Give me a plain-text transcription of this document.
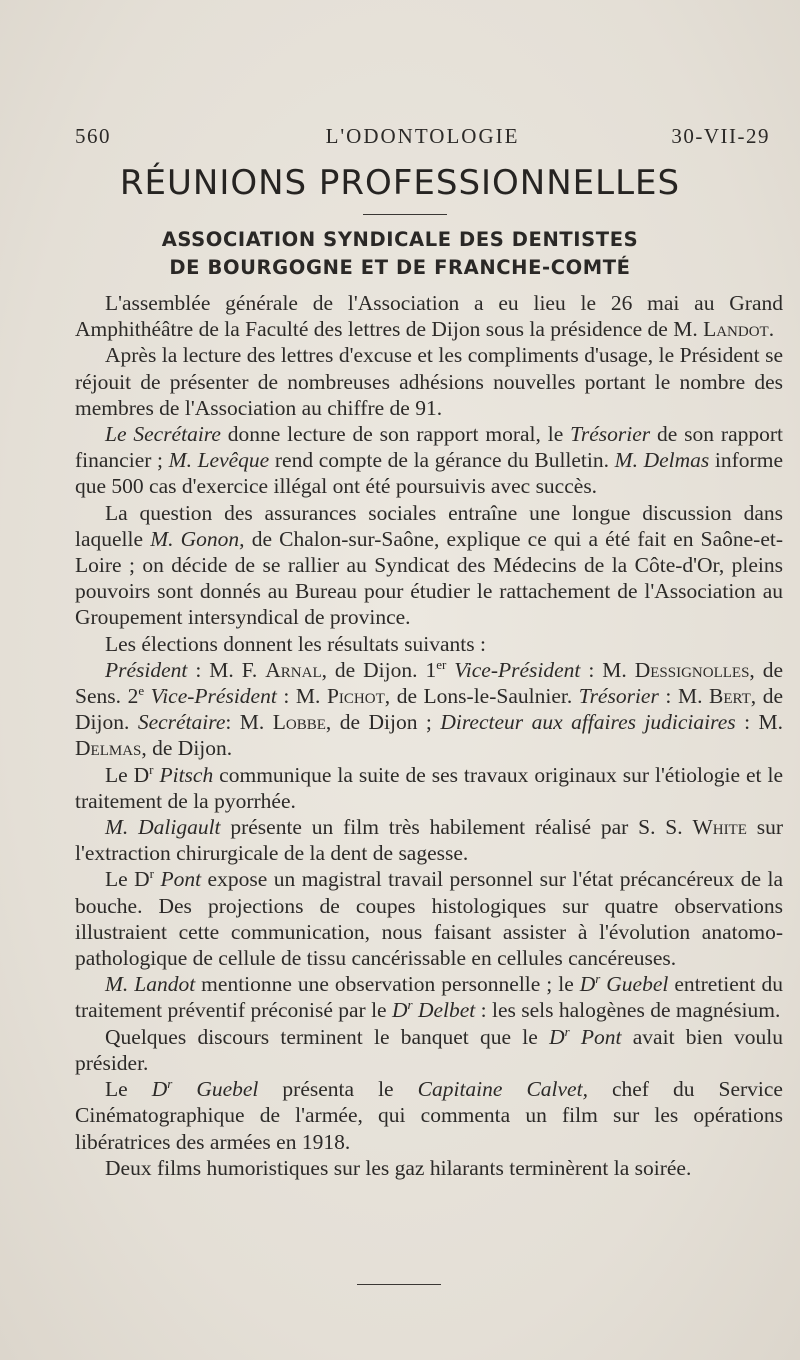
560	L'ODONTOLOGIE	30-VII-29
RÉUNIONS PROFESSIONNELLES
ASSOCIATION SYNDICALE DES DENTISTES
DE BOURGOGNE ET DE FRANCHE-COMTÉ

L'assemblée générale de l'Association a eu lieu le 26 mai au Grand Amphithéâtre de la Faculté des lettres de Dijon sous la présidence de M. Landot.

Après la lecture des lettres d'excuse et les compliments d'usage, le Président se réjouit de présenter de nombreuses adhésions nouvelles portant le nombre des membres de l'Association au chiffre de 91.

Le Secrétaire donne lecture de son rapport moral, le Trésorier de son rapport financier ; M. Levêque rend compte de la gérance du Bulletin. M. Delmas informe que 500 cas d'exercice illégal ont été poursuivis avec succès.

La question des assurances sociales entraîne une longue discussion dans laquelle M. Gonon, de Chalon-sur-Saône, explique ce qui a été fait en Saône-et-Loire ; on décide de se rallier au Syndicat des Médecins de la Côte-d'Or, pleins pouvoirs sont donnés au Bureau pour étudier le rattachement de l'Association au Groupement intersyndical de province.

Les élections donnent les résultats suivants :

Président : M. F. Arnal, de Dijon. 1er Vice-Président : M. Dessignolles, de Sens. 2e Vice-Président : M. Pichot, de Lons-le-Saulnier. Trésorier : M. Bert, de Dijon. Secrétaire: M. Lobbe, de Dijon ; Directeur aux affaires judiciaires : M. Delmas, de Dijon.

Le $D^r$ Pitsch communique la suite de ses travaux originaux sur l'étiologie et le traitement de la pyorrhée.

M. Daligault présente un film très habilement réalisé par S. S. White sur l'extraction chirurgicale de la dent de sagesse.

Le $D^r$ Pont expose un magistral travail personnel sur l'état précancéreux de la bouche. Des projections de coupes histologiques sur quatre observations illustraient cette communication, nous faisant assister à l'évolution anatomo-pathologique de cellule de tissu cancérissable en cellules cancéreuses.

M. Landot mentionne une observation personnelle ; le $D^r$ Guebel entretient du traitement préventif préconisé par le $D^r$ Delbet : les sels halogènes de magnésium.

Quelques discours terminent le banquet que le $D^r$ Pont avait bien voulu présider.

Le $D^r$ Guebel présenta le Capitaine Calvet, chef du Service Cinématographique de l'armée, qui commenta un film sur les opérations libératrices des armées en 1918.

Deux films humoristiques sur les gaz hilarants terminèrent la soirée.
